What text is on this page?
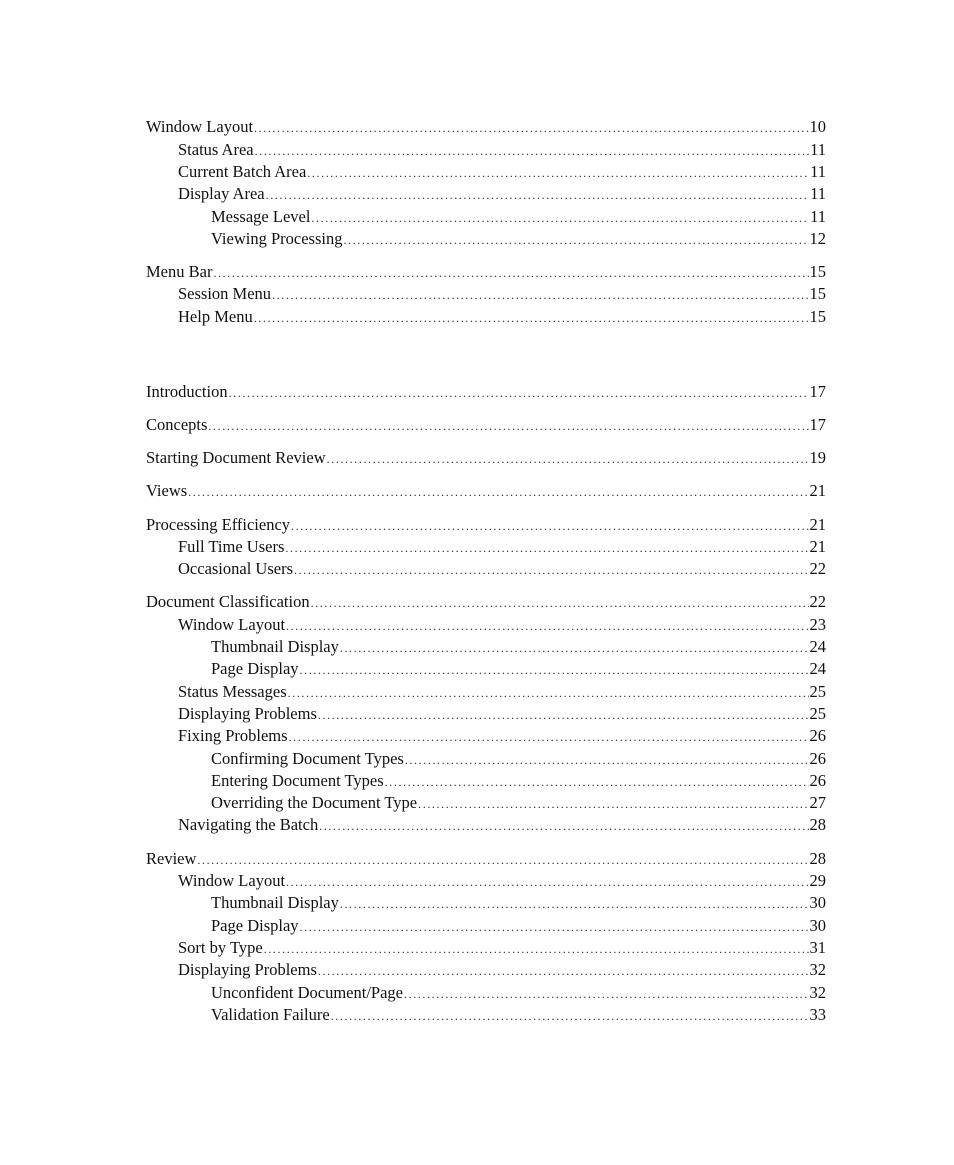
Window Layout .....	10
Status Area .....	11
Current Batch Area .....	11
Display Area .....	11
Message Level .....	11
Viewing Processing .....	12
Menu Bar .....	15
Session Menu .....	15
Help Menu .....	15
Introduction .....	17
Concepts .....	17
Starting Document Review .....	19
Views .....	21
Processing Efficiency .....	21
Full Time Users .....	21
Occasional Users .....	22
Document Classification .....	22
Window Layout .....	23
Thumbnail Display .....	24
Page Display .....	24
Status Messages .....	25
Displaying Problems .....	25
Fixing Problems .....	26
Confirming Document Types .....	26
Entering Document Types .....	26
Overriding the Document Type .....	27
Navigating the Batch .....	28
Review .....	28
Window Layout .....	29
Thumbnail Display .....	30
Page Display .....	30
Sort by Type .....	31
Displaying Problems .....	32
Unconfident Document/Page .....	32
Validation Failure .....	33
